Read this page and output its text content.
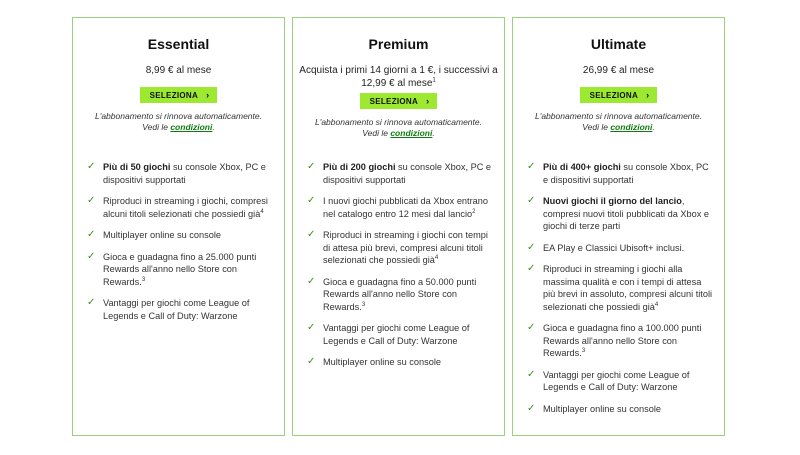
Essential
8,99 € al mese
SELEZIONA ›
L'abbonamento si rinnova automaticamente.
Vedi le condizioni.
✓ Più di 50 giochi su console Xbox, PC e dispositivi supportati
✓ Riproduci in streaming i giochi, compresi alcuni titoli selezionati che possiedi già$^4$
✓ Multiplayer online su console
✓ Gioca e guadagna fino a 25.000 punti Rewards all'anno nello Store con Rewards.$^3$
✓ Vantaggi per giochi come League of Legends e Call of Duty: Warzone
Premium
Acquista i primi 14 giorni a 1 €, i successivi a
12,99 € al mese$^1$
SELEZIONA ›
L'abbonamento si rinnova automaticamente.
Vedi le condizioni.
✓ Più di 200 giochi su console Xbox, PC e dispositivi supportati
✓ I nuovi giochi pubblicati da Xbox entrano nel catalogo entro 12 mesi dal lancio$^2$
✓ Riproduci in streaming i giochi con tempi di attesa più brevi, compresi alcuni titoli selezionati che possiedi già$^4$
✓ Gioca e guadagna fino a 50.000 punti Rewards all'anno nello Store con Rewards.$^3$
✓ Vantaggi per giochi come League of Legends e Call of Duty: Warzone
✓ Multiplayer online su console
Ultimate
26,99 € al mese
SELEZIONA ›
L'abbonamento si rinnova automaticamente.
Vedi le condizioni.
✓ Più di 400+ giochi su console Xbox, PC e dispositivi supportati
✓ Nuovi giochi il giorno del lancio, compresi nuovi titoli pubblicati da Xbox e giochi di terze parti
✓ EA Play e Classici Ubisoft+ inclusi.
✓ Riproduci in streaming i giochi alla massima qualità e con i tempi di attesa più brevi in assoluto, compresi alcuni titoli selezionati che possiedi già$^4$
✓ Gioca e guadagna fino a 100.000 punti Rewards all'anno nello Store con Rewards.$^3$
✓ Vantaggi per giochi come League of Legends e Call of Duty: Warzone
✓ Multiplayer online su console
